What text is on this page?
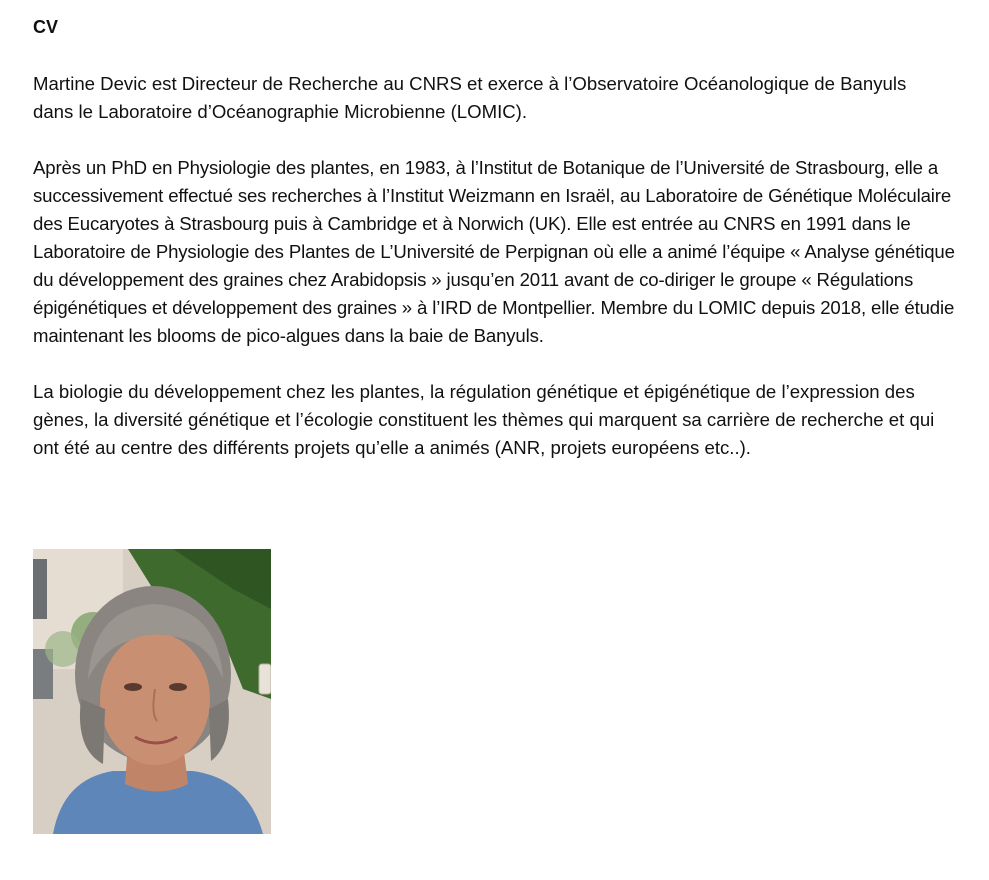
CV

Martine Devic est Directeur de Recherche au CNRS et exerce à l’Observatoire Océanologique de Banyuls dans le Laboratoire d’Océanographie Microbienne (LOMIC).

Après un PhD en Physiologie des plantes, en 1983, à l’Institut de Botanique de l’Université de Strasbourg, elle a successivement effectué ses recherches à l’Institut Weizmann en Israël, au Laboratoire de Génétique Moléculaire des Eucaryotes à Strasbourg puis à Cambridge et à Norwich (UK). Elle est entrée au CNRS en 1991 dans le Laboratoire de Physiologie des Plantes de L’Université de Perpignan où elle a animé l’équipe « Analyse génétique du développement des graines chez Arabidopsis » jusqu’en 2011 avant de co-diriger le groupe « Régulations épigénétiques et développement des graines » à l’IRD de Montpellier. Membre du LOMIC depuis 2018, elle étudie maintenant les blooms de pico-algues dans la baie de Banyuls.

La biologie du développement chez les plantes, la régulation génétique et épigénétique de l’expression des gènes, la diversité génétique et l’écologie constituent les thèmes qui marquent sa carrière de recherche et qui ont été au centre des différents projets qu’elle a animés (ANR, projets européens etc..).
